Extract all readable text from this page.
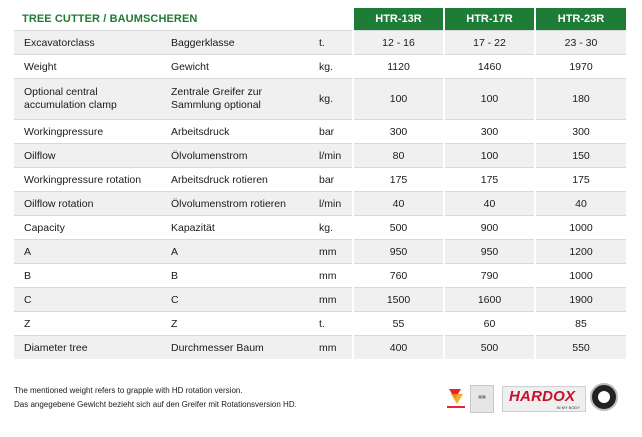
TREE CUTTER / BAUMSCHEREN			HTR-13R	HTR-17R	HTR-23R
Excavatorclass	Baggerklasse	t.	12 - 16	17 - 22	23 - 30
Weight	Gewicht	kg.	1120	1460	1970
Optional central accumulation clamp	Zentrale Greifer zur Sammlung optional	kg.	100	100	180
Workingpressure	Arbeitsdruck	bar	300	300	300
Oilflow	Ölvolumenstrom	l/min	80	100	150
Workingpressure rotation	Arbeitsdruck rotieren	bar	175	175	175
Oilflow rotation	Ölvolumenstrom rotieren	l/min	40	40	40
Capacity	Kapazität	kg.	500	900	1000
A	A	mm	950	950	1200
B	B	mm	760	790	1000
C	C	mm	1500	1600	1900
Z	Z	t.	55	60	85
Diameter tree	Durchmesser Baum	mm	400	500	550
The mentioned weight refers to grapple with HD rotation version.
Das angegebene Gewicht bezieht sich auf den Greifer mit Rotationsversion HD.
▦▦	HARDOX
IN MY BODY
